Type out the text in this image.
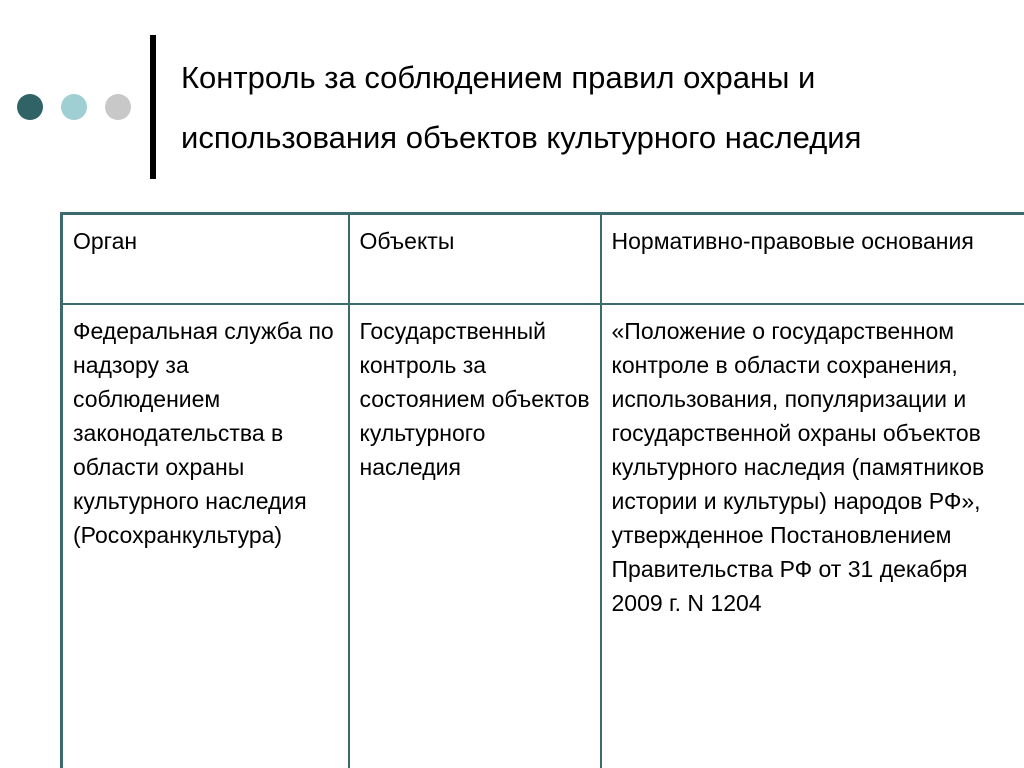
Контроль за соблюдением правил охраны и
использования объектов культурного наследия
Орган	Объекты	Нормативно-правовые основания
Федеральная служба по надзору за соблюдением законодательства в области охраны культурного наследия (Росохранкультура)	Государственный контроль за состоянием объектов культурного наследия	«Положение о государственном контроле в области сохранения, использования, популяризации и государственной охраны объектов культурного наследия (памятников истории и культуры) народов РФ», утвержденное Постановлением Правительства РФ от 31 декабря 2009 г. N 1204
